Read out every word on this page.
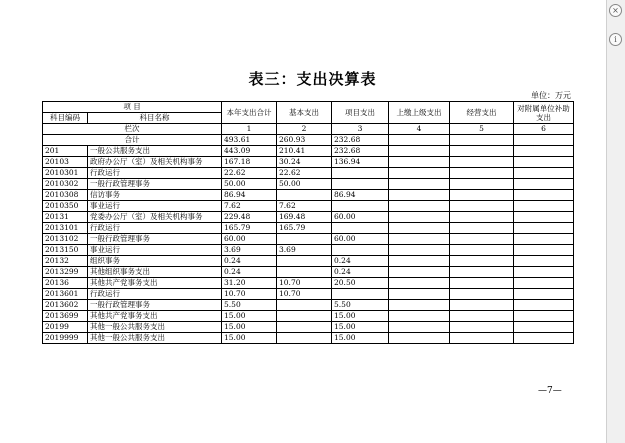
×
i
表三：支出决算表
单位：万元
项 目		本年支出合计	基本支出	项目支出	上缴上级支出	经营支出	对附属单位补助支出
科目编码	科目名称						
栏次		1	2	3	4	5	6
合计		493.61	260.93	232.68			
201	一般公共服务支出	443.09	210.41	232.68			
20103	政府办公厅（室）及相关机构事务	167.18	30.24	136.94			
2010301	行政运行	22.62	22.62				
2010302	一般行政管理事务	50.00	50.00				
2010308	信访事务	86.94		86.94			
2010350	事业运行	7.62	7.62				
20131	党委办公厅（室）及相关机构事务	229.48	169.48	60.00			
2013101	行政运行	165.79	165.79				
2013102	一般行政管理事务	60.00		60.00			
2013150	事业运行	3.69	3.69				
20132	组织事务	0.24		0.24			
2013299	其他组织事务支出	0.24		0.24			
20136	其他共产党事务支出	31.20	10.70	20.50			
2013601	行政运行	10.70	10.70				
2013602	一般行政管理事务	5.50		5.50			
2013699	其他共产党事务支出	15.00		15.00			
20199	其他一般公共服务支出	15.00		15.00			
2019999	其他一般公共服务支出	15.00		15.00			
—7—
